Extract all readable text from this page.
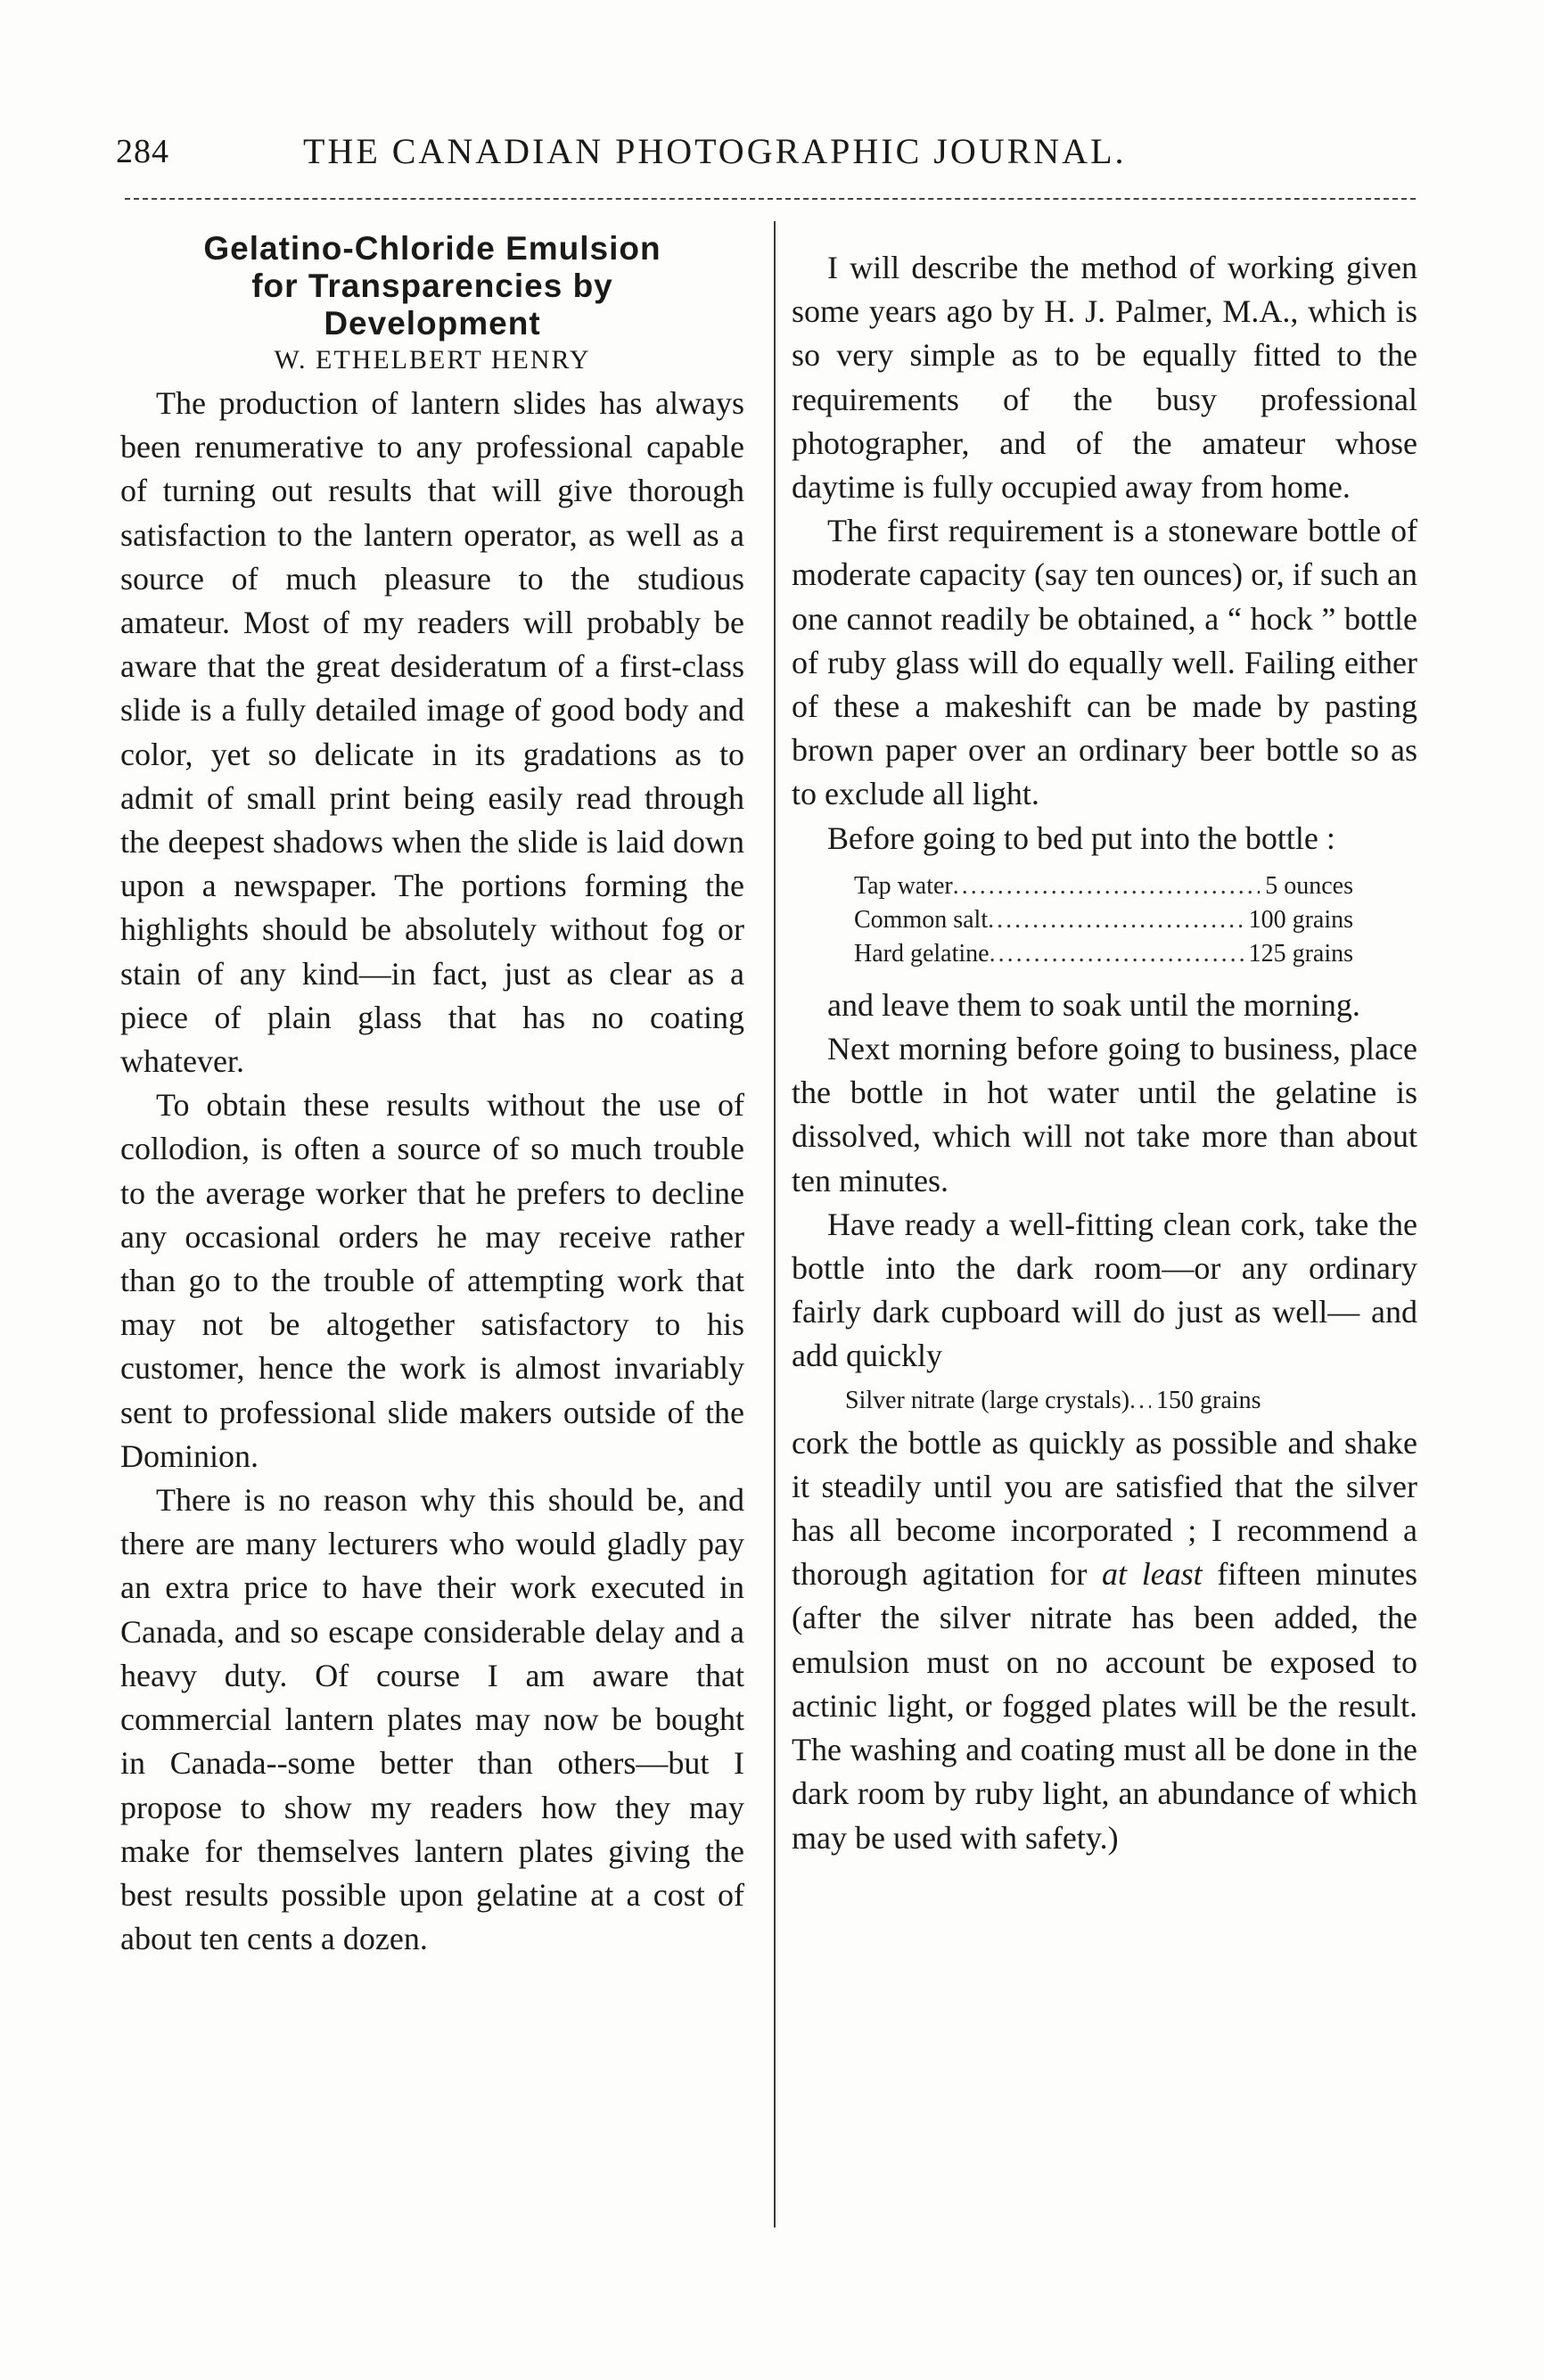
284	THE CANADIAN PHOTOGRAPHIC JOURNAL.
Gelatino-Chloride Emulsion
for Transparencies by
Development
W. ETHELBERT HENRY

The production of lantern slides has always been renumerative to any professional capable of turning out results that will give thorough satisfaction to the lantern operator, as well as a source of much pleasure to the studious amateur. Most of my readers will probably be aware that the great desideratum of a first-class slide is a fully detailed image of good body and color, yet so delicate in its gradations as to admit of small print being easily read through the deepest shadows when the slide is laid down upon a newspaper. The portions forming the highlights should be absolutely without fog or stain of any kind—in fact, just as clear as a piece of plain glass that has no coating whatever.

To obtain these results without the use of collodion, is often a source of so much trouble to the average worker that he prefers to decline any occasional orders he may receive rather than go to the trouble of attempting work that may not be altogether satisfactory to his customer, hence the work is almost invariably sent to professional slide makers outside of the Dominion.

There is no reason why this should be, and there are many lecturers who would gladly pay an extra price to have their work executed in Canada, and so escape considerable delay and a heavy duty. Of course I am aware that commercial lantern plates may now be bought in Canada--some better than others—but I propose to show my readers how they may make for themselves lantern plates giving the best results possible upon gelatine at a cost of about ten cents a dozen.

I will describe the method of working given some years ago by H. J. Palmer, M.A., which is so very simple as to be equally fitted to the requirements of the busy professional photographer, and of the amateur whose daytime is fully occupied away from home.

The first requirement is a stoneware bottle of moderate capacity (say ten ounces) or, if such an one cannot readily be obtained, a “ hock ” bottle of ruby glass will do equally well. Failing either of these a makeshift can be made by pasting brown paper over an ordinary beer bottle so as to exclude all light.

Before going to bed put into the bottle :

Tap water .....	5 ounces
Common salt .....	100 grains
Hard gelatine .....	125 grains

and leave them to soak until the morning.

Next morning before going to business, place the bottle in hot water until the gelatine is dissolved, which will not take more than about ten minutes.

Have ready a well-fitting clean cork, take the bottle into the dark room—or any ordinary fairly dark cupboard will do just as well— and add quickly

Silver nitrate (large crystals) ..... 150 grains

cork the bottle as quickly as possible and shake it steadily until you are satisfied that the silver has all become incorporated ; I recommend a thorough agitation for at least fifteen minutes (after the silver nitrate has been added, the emulsion must on no account be exposed to actinic light, or fogged plates will be the result. The washing and coating must all be done in the dark room by ruby light, an abundance of which may be used with safety.)
